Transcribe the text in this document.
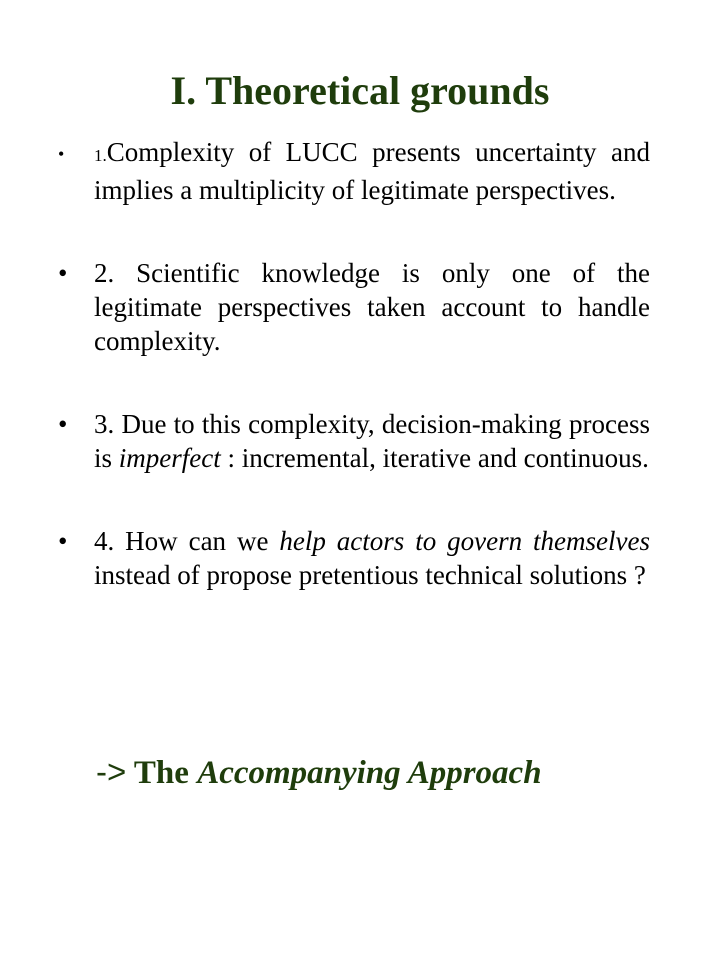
I. Theoretical grounds
• 1.Complexity of LUCC presents uncertainty and implies a multiplicity of legitimate perspectives.
• 2. Scientific knowledge is only one of the legitimate perspectives taken account to handle complexity.
• 3. Due to this complexity, decision-making process is imperfect : incremental, iterative and continuous.
• 4. How can we help actors to govern themselves instead of propose pretentious technical solutions ?
-> The Accompanying Approach
